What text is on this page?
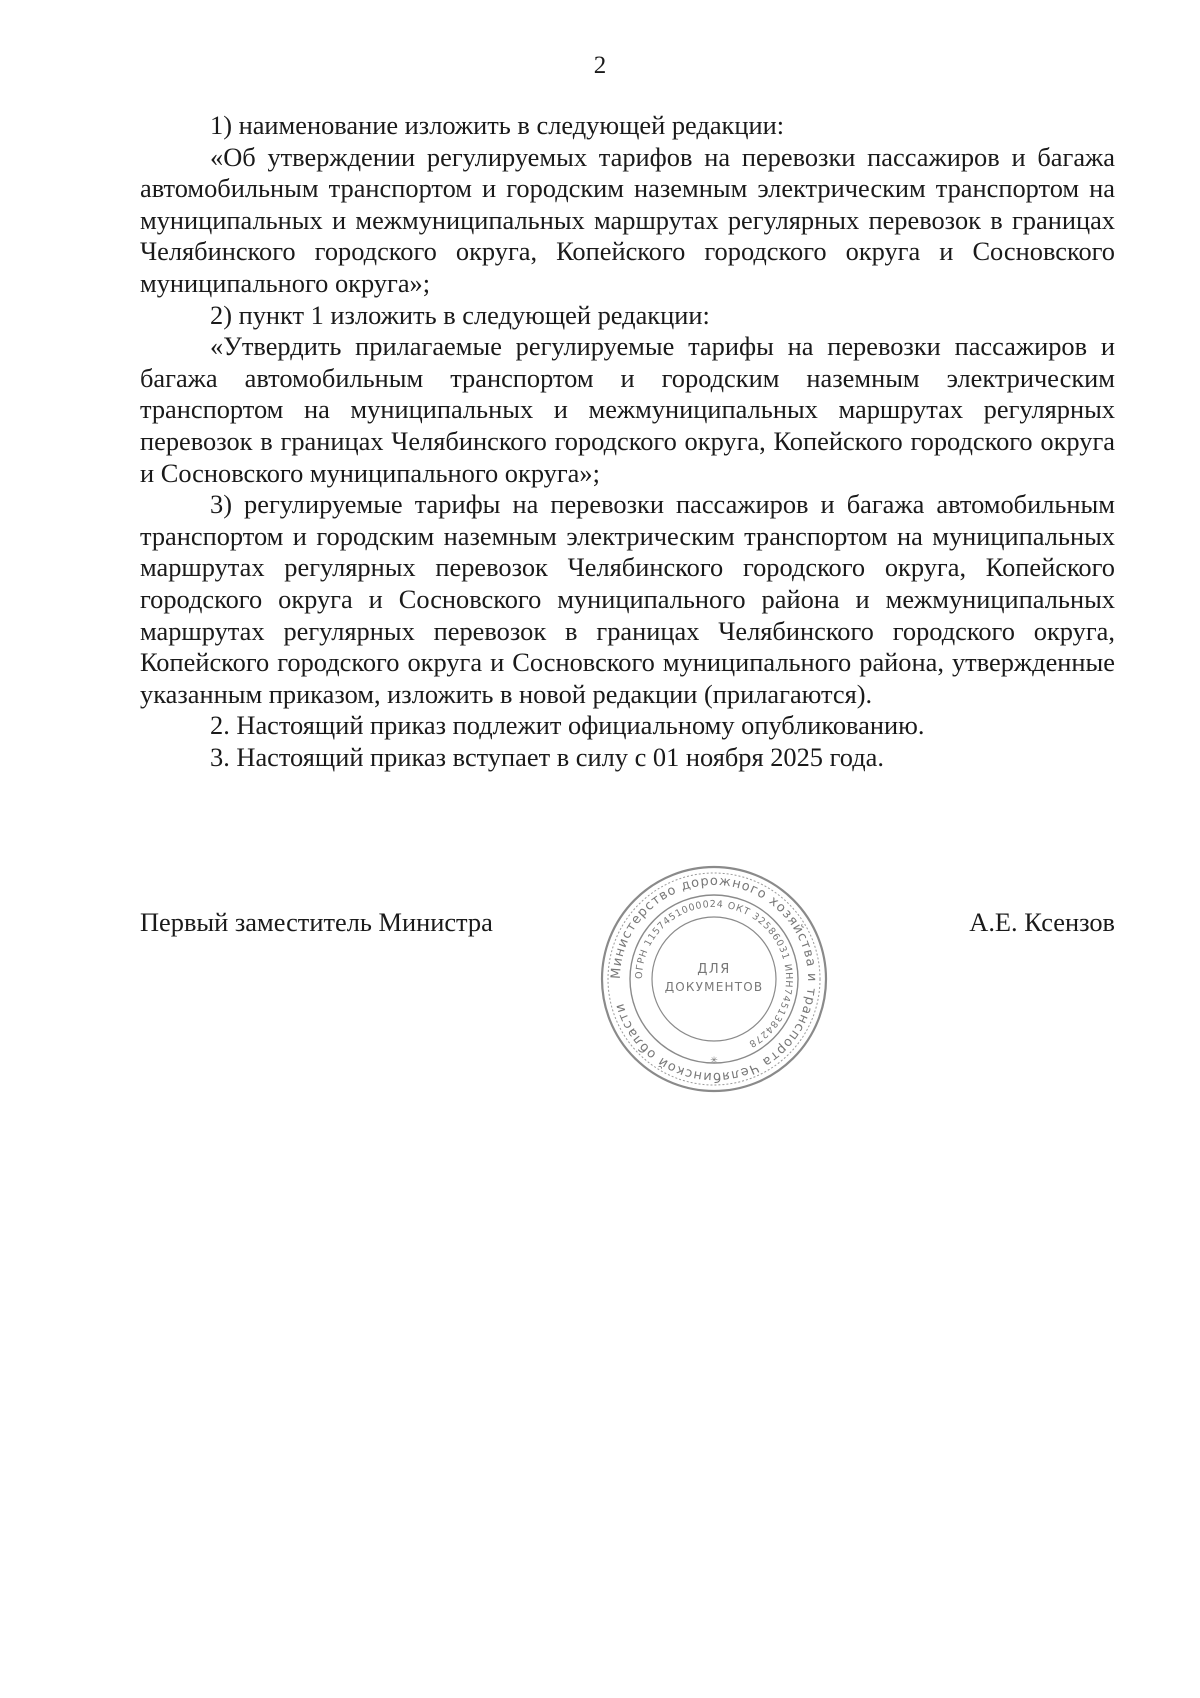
2

1) наименование изложить в следующей редакции:

«Об утверждении регулируемых тарифов на перевозки пассажиров и багажа автомобильным транспортом и городским наземным электрическим транспортом на муниципальных и межмуниципальных маршрутах регулярных перевозок в границах Челябинского городского округа, Копейского городского округа и Сосновского муниципального округа»;

2) пункт 1 изложить в следующей редакции:

«Утвердить прилагаемые регулируемые тарифы на перевозки пассажиров и багажа автомобильным транспортом и городским наземным электрическим транспортом на муниципальных и межмуниципальных маршрутах регулярных перевозок в границах Челябинского городского округа, Копейского городского округа и Сосновского муниципального округа»;

3) регулируемые тарифы на перевозки пассажиров и багажа автомобильным транспортом и городским наземным электрическим транспортом на муниципальных маршрутах регулярных перевозок Челябинского городского округа, Копейского городского округа и Сосновского муниципального района и межмуниципальных маршрутах регулярных перевозок в границах Челябинского городского округа, Копейского городского округа и Сосновского муниципального района, утвержденные указанным приказом, изложить в новой редакции (прилагаются).

2. Настоящий приказ подлежит официальному опубликованию.

3. Настоящий приказ вступает в силу с 01 ноября 2025 года.

Первый заместитель Министра	А.Е. Ксензов
Министерство дорожного хозяйства и транспорта Челябинской области
ОГРН 1157451000024 ОКТ 32586031 ИНН7451384278
ДЛЯ
ДОКУМЕНТОВ
✳
